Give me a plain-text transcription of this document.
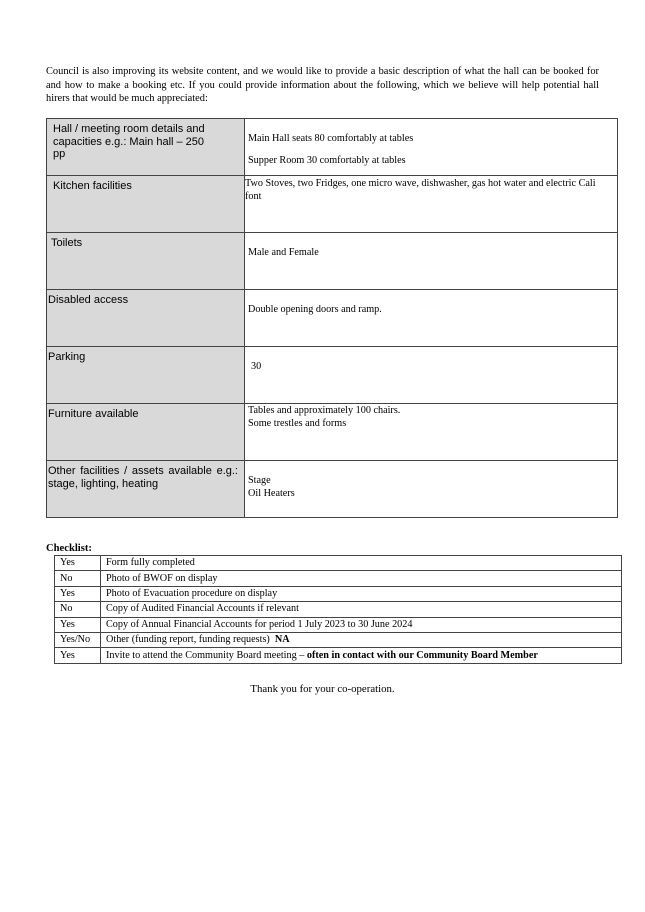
Council is also improving its website content, and we would like to provide a basic description of what the hall can be booked for and how to make a booking etc. If you could provide information about the following, which we believe will help potential hall hirers that would be much appreciated:

Hall / meeting room details and capacities e.g.: Main hall – 250 pp	Main Hall seats 80 comfortably at tables
Supper Room 30 comfortably at tables

Kitchen facilities	Two Stoves, two Fridges, one micro wave, dishwasher, gas hot water and electric Cali font

Toilets	Male and Female

Disabled access	Double opening doors and ramp.

Parking	30

Furniture available	Tables and approximately 100 chairs.
Some trestles and forms

Other facilities / assets available e.g.: stage, lighting, heating	Stage
Oil Heaters
Checklist:
Yes	Form fully completed
No	Photo of BWOF on display
Yes	Photo of Evacuation procedure on display
No	Copy of Audited Financial Accounts if relevant
Yes	Copy of Annual Financial Accounts for period 1 July 2023 to 30 June 2024
Yes/No	Other (funding report, funding requests) NA
Yes	Invite to attend the Community Board meeting – often in contact with our Community Board Member
Thank you for your co-operation.
